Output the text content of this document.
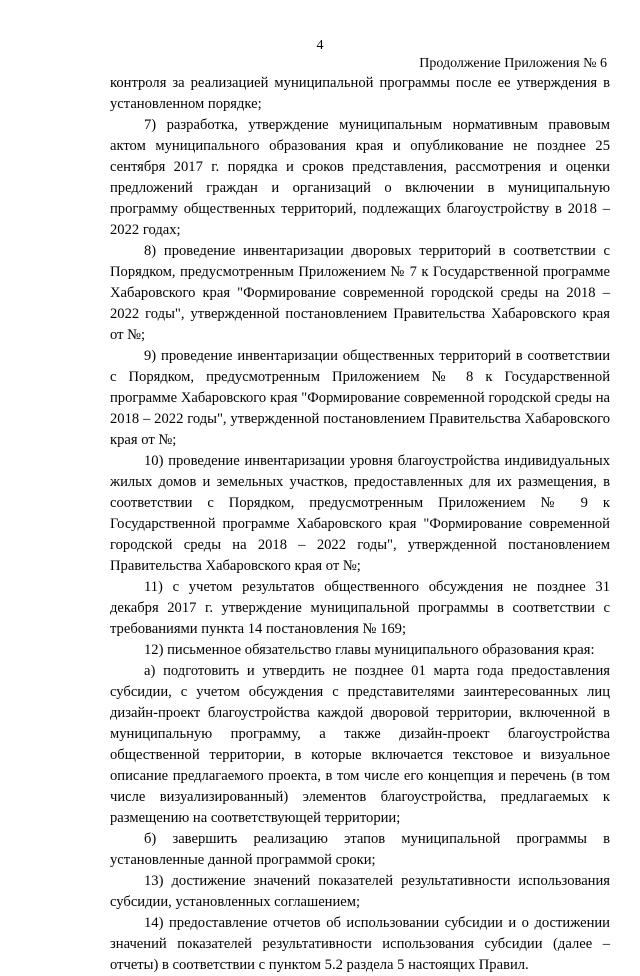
4
Продолжение Приложения № 6

контроля за реализацией муниципальной программы после ее утверждения в установленном порядке;

7) разработка, утверждение муниципальным нормативным правовым актом муниципального образования края и опубликование не позднее 25 сентября 2017 г. порядка и сроков представления, рассмотрения и оценки предложений граждан и организаций о включении в муниципальную программу общественных территорий, подлежащих благоустройству в 2018 – 2022 годах;

8) проведение инвентаризации дворовых территорий в соответствии с Порядком, предусмотренным Приложением № 7 к Государственной программе Хабаровского края "Формирование современной городской среды на 2018 – 2022 годы", утвержденной постановлением Правительства Хабаровского края от №;

9) проведение инвентаризации общественных территорий в соответствии с Порядком, предусмотренным Приложением № 8 к Государственной программе Хабаровского края "Формирование современной городской среды на 2018 – 2022 годы", утвержденной постановлением Правительства Хабаровского края от №;

10) проведение инвентаризации уровня благоустройства индивидуальных жилых домов и земельных участков, предоставленных для их размещения, в соответствии с Порядком, предусмотренным Приложением № 9 к Государственной программе Хабаровского края "Формирование современной городской среды на 2018 – 2022 годы", утвержденной постановлением Правительства Хабаровского края от №;

11) с учетом результатов общественного обсуждения не позднее 31 декабря 2017 г. утверждение муниципальной программы в соответствии с требованиями пункта 14 постановления № 169;

12) письменное обязательство главы муниципального образования края:

а) подготовить и утвердить не позднее 01 марта года предоставления субсидии, с учетом обсуждения с представителями заинтересованных лиц дизайн-проект благоустройства каждой дворовой территории, включенной в муниципальную программу, а также дизайн-проект благоустройства общественной территории, в которые включается текстовое и визуальное описание предлагаемого проекта, в том числе его концепция и перечень (в том числе визуализированный) элементов благоустройства, предлагаемых к размещению на соответствующей территории;

б) завершить реализацию этапов муниципальной программы в установленные данной программой сроки;

13) достижение значений показателей результативности использования субсидии, установленных соглашением;

14) предоставление отчетов об использовании субсидии и о достижении значений показателей результативности использования субсидии (далее – отчеты) в соответствии с пунктом 5.2 раздела 5 настоящих Правил.
